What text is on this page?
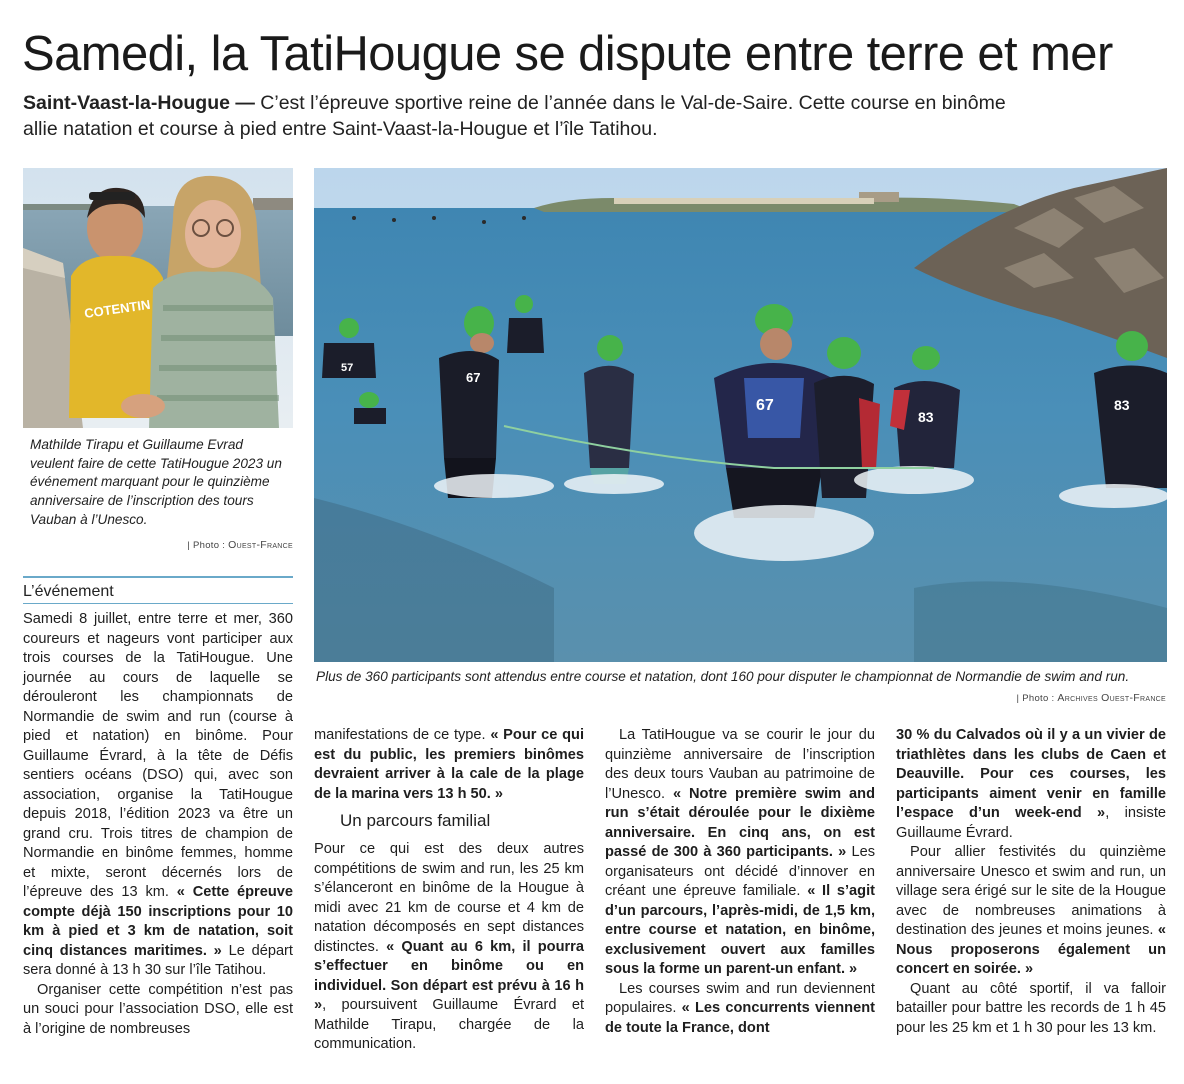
Samedi, la TatiHougue se dispute entre terre et mer
Saint-Vaast-la-Hougue — C’est l’épreuve sportive reine de l’année dans le Val-de-Saire. Cette course en binôme allie natation et course à pied entre Saint-Vaast-la-Hougue et l’île Tatihou.
COTENTIN
Mathilde Tirapu et Guillaume Evrad veulent faire de cette TatiHougue 2023 un événement marquant pour le quinzième anniversaire de l’inscription des tours Vauban à l’Unesco.
| Photo : Ouest-France
57
67
67
83
83
Plus de 360 participants sont attendus entre course et natation, dont 160 pour disputer le championnat de Normandie de swim and run.
| Photo : Archives Ouest-France
L’événement

Samedi 8 juillet, entre terre et mer, 360 coureurs et nageurs vont participer aux trois courses de la TatiHougue. Une journée au cours de laquelle se dérouleront les championnats de Normandie de swim and run (course à pied et natation) en binôme. Pour Guillaume Évrard, à la tête de Défis sentiers océans (DSO) qui, avec son association, organise la TatiHougue depuis 2018, l’édition 2023 va être un grand cru. Trois titres de champion de Normandie en binôme femmes, homme et mixte, seront décernés lors de l’épreuve des 13 km. « Cette épreuve compte déjà 150 inscriptions pour 10 km à pied et 3 km de natation, soit cinq distances maritimes. » Le départ sera donné à 13 h 30 sur l’île Tatihou.

Organiser cette compétition n’est pas un souci pour l’association DSO, elle est à l’origine de nombreuses

manifestations de ce type. « Pour ce qui est du public, les premiers binômes devraient arriver à la cale de la plage de la marina vers 13 h 50. »

Un parcours familial

Pour ce qui est des deux autres compétitions de swim and run, les 25 km s’élanceront en binôme de la Hougue à midi avec 21 km de course et 4 km de natation décomposés en sept distances distinctes. « Quant au 6 km, il pourra s’effectuer en binôme ou en individuel. Son départ est prévu à 16 h », poursuivent Guillaume Évrard et Mathilde Tirapu, chargée de la communication.

La TatiHougue va se courir le jour du quinzième anniversaire de l’inscription des deux tours Vauban au patrimoine de l’Unesco. « Notre première swim and run s’était déroulée pour le dixième anniversaire. En cinq ans, on est passé de 300 à 360 participants. » Les organisateurs ont décidé d’innover en créant une épreuve familiale. « Il s’agit d’un parcours, l’après-midi, de 1,5 km, entre course et natation, en binôme, exclusivement ouvert aux familles sous la forme un parent-un enfant. »

Les courses swim and run deviennent populaires. « Les concurrents viennent de toute la France, dont

30 % du Calvados où il y a un vivier de triathlètes dans les clubs de Caen et Deauville. Pour ces courses, les participants aiment venir en famille l’espace d’un week-end », insiste Guillaume Évrard.

Pour allier festivités du quinzième anniversaire Unesco et swim and run, un village sera érigé sur le site de la Hougue avec de nombreuses animations à destination des jeunes et moins jeunes. « Nous proposerons également un concert en soirée. »

Quant au côté sportif, il va falloir batailler pour battre les records de 1 h 45 pour les 25 km et 1 h 30 pour les 13 km.
